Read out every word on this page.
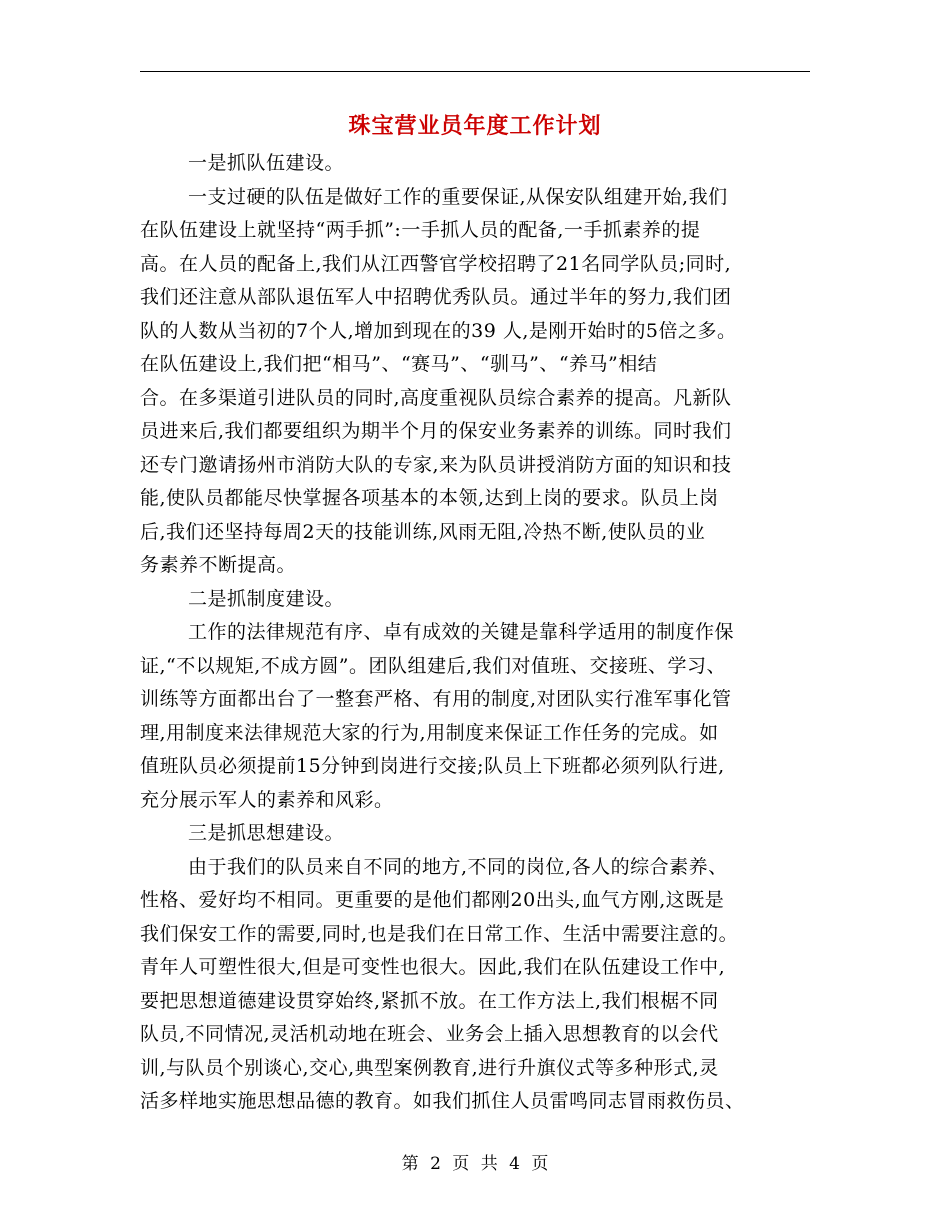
珠宝营业员年度工作计划
一是抓队伍建设。
一支过硬的队伍是做好工作的重要保证,从保安队组建开始,我们
在队伍建设上就坚持“两手抓”:一手抓人员的配备,一手抓素养的提
高。在人员的配备上,我们从江西警官学校招聘了21名同学队员;同时,
我们还注意从部队退伍军人中招聘优秀队员。通过半年的努力,我们团
队的人数从当初的7个人,增加到现在的39 人,是刚开始时的5倍之多。
在队伍建设上,我们把“相马”、“赛马”、“驯马”、“养马”相结
合。在多渠道引进队员的同时,高度重视队员综合素养的提高。凡新队
员进来后,我们都要组织为期半个月的保安业务素养的训练。同时我们
还专门邀请扬州市消防大队的专家,来为队员讲授消防方面的知识和技
能,使队员都能尽快掌握各项基本的本领,达到上岗的要求。队员上岗
后,我们还坚持每周2天的技能训练,风雨无阻,冷热不断,使队员的业
务素养不断提高。
二是抓制度建设。
工作的法律规范有序、卓有成效的关键是靠科学适用的制度作保
证,“不以规矩,不成方圆”。团队组建后,我们对值班、交接班、学习、
训练等方面都出台了一整套严格、有用的制度,对团队实行准军事化管
理,用制度来法律规范大家的行为,用制度来保证工作任务的完成。如
值班队员必须提前15分钟到岗进行交接;队员上下班都必须列队行进,
充分展示军人的素养和风彩。
三是抓思想建设。
由于我们的队员来自不同的地方,不同的岗位,各人的综合素养、
性格、爱好均不相同。更重要的是他们都刚20出头,血气方刚,这既是
我们保安工作的需要,同时,也是我们在日常工作、生活中需要注意的。
青年人可塑性很大,但是可变性也很大。因此,我们在队伍建设工作中,
要把思想道德建设贯穿始终,紧抓不放。在工作方法上,我们根椐不同
队员,不同情况,灵活机动地在班会、业务会上插入思想教育的以会代
训,与队员个别谈心,交心,典型案例教育,进行升旗仪式等多种形式,灵
活多样地实施思想品德的教育。如我们抓住人员雷鸣同志冒雨救伤员、
第 2 页 共 4 页
